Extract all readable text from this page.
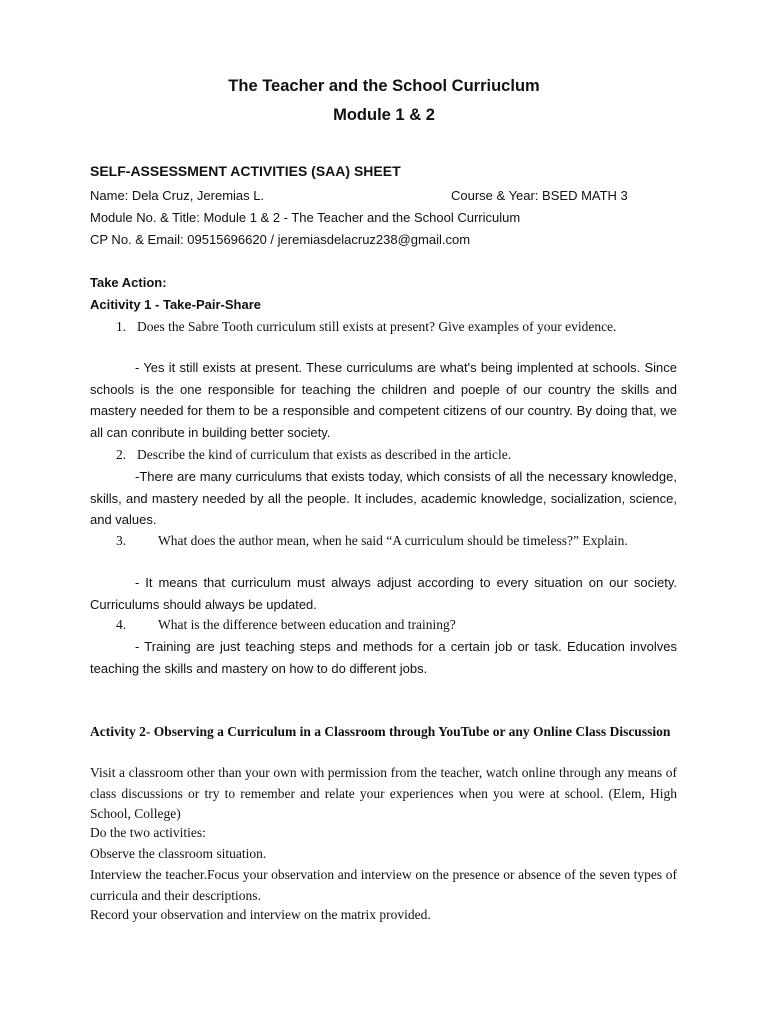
The Teacher and the School Curriuclum
Module 1 & 2
SELF-ASSESSMENT ACTIVITIES (SAA) SHEET
Name: Dela Cruz, Jeremias L.	Course & Year: BSED MATH 3
Module No. & Title: Module 1 & 2 - The Teacher and the School Curriculum
CP No. & Email: 09515696620 / jeremiasdelacruz238@gmail.com
Take Action:
Acitivity 1 - Take-Pair-Share
1. Does the Sabre Tooth curriculum still exists at present? Give examples of your evidence.
- Yes it still exists at present. These curriculums are what's being implented at schools. Since schools is the one responsible for teaching the children and poeple of our country the skills and mastery needed for them to be a responsible and competent citizens of our country. By doing that, we all can conribute in building better society.
2. Describe the kind of curriculum that exists as described in the article.
-There are many curriculums that exists today, which consists of all the necessary knowledge, skills, and mastery needed by all the people. It includes, academic knowledge, socialization, science, and values.
3. What does the author mean, when he said “A curriculum should be timeless?” Explain.
- It means that curriculum must always adjust according to every situation on our society. Curriculums should always be updated.
4. What is the difference between education and training?
- Training are just teaching steps and methods for a certain job or task. Education involves teaching the skills and mastery on how to do different jobs.
Activity 2- Observing a Curriculum in a Classroom through YouTube or any Online Class Discussion
Visit a classroom other than your own with permission from the teacher, watch online through any means of class discussions or try to remember and relate your experiences when you were at school. (Elem, High School, College)
Do the two activities:
Observe the classroom situation.
Interview the teacher.Focus your observation and interview on the presence or absence of the seven types of curricula and their descriptions.
Record your observation and interview on the matrix provided.
